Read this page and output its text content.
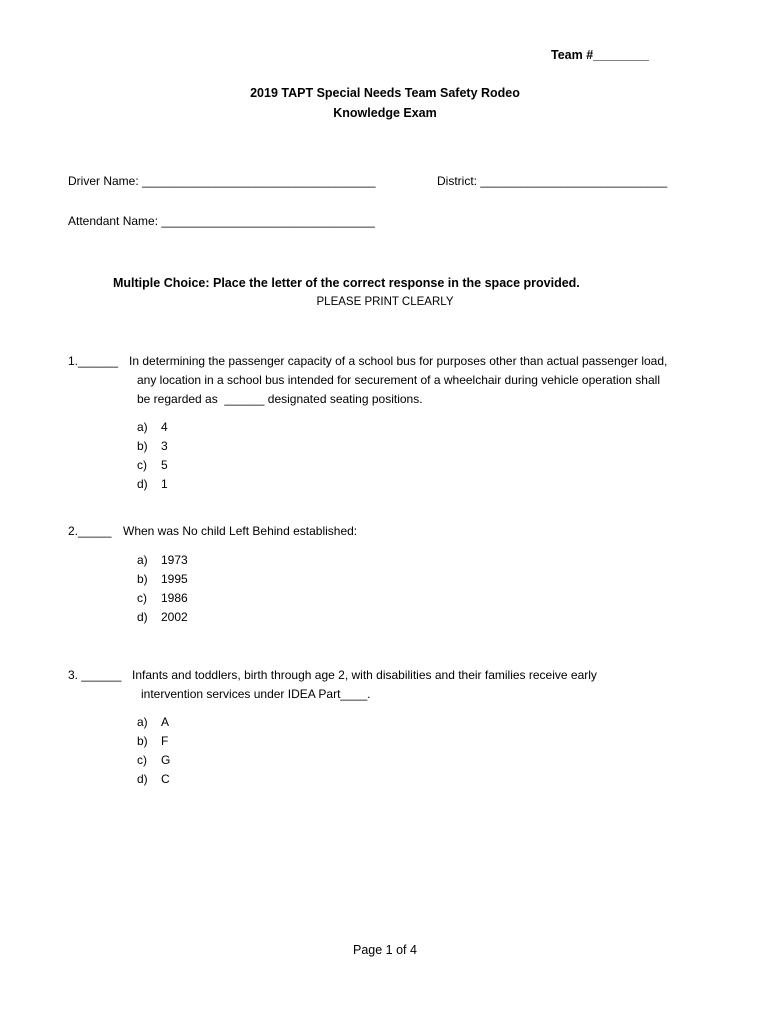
Team #________
2019 TAPT Special Needs Team Safety Rodeo
Knowledge Exam
Driver Name: ___________________________________	District: ____________________________
Attendant Name: ________________________________
Multiple Choice: Place the letter of the correct response in the space provided.
PLEASE PRINT CLEARLY
1.______ In determining the passenger capacity of a school bus for purposes other than actual passenger load,
any location in a school bus intended for securement of a wheelchair during vehicle operation shall
be regarded as  ______ designated seating positions.
a) 4
b) 3
c) 5
d) 1
2._____ When was No child Left Behind established:
a) 1973
b) 1995
c) 1986
d) 2002
3. ______ Infants and toddlers, birth through age 2, with disabilities and their families receive early
intervention services under IDEA Part____.
a) A
b) F
c) G
d) C
Page 1 of 4
